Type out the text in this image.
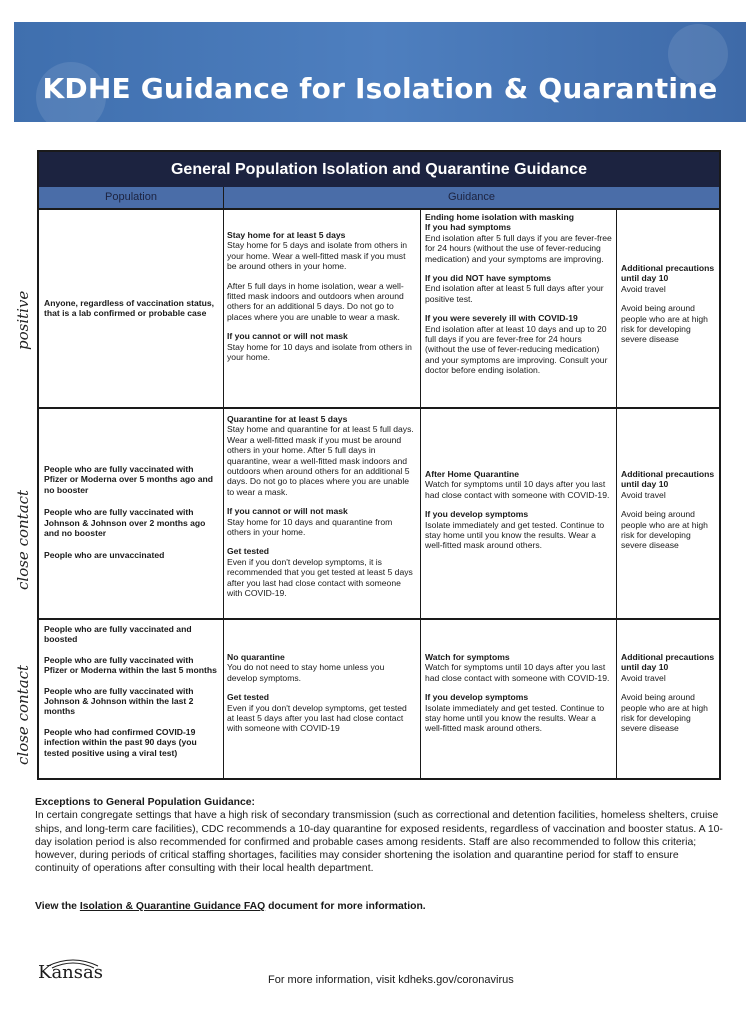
KDHE Guidance for Isolation & Quarantine
General Population Isolation and Quarantine Guidance
Population	Guidance
Anyone, regardless of vaccination status, that is a lab confirmed or probable case

Stay home for at least 5 days
Stay home for 5 days and isolate from others in your home. Wear a well-fitted mask if you must be around others in your home.

After 5 full days in home isolation, wear a well-fitted mask indoors and outdoors when around others for an additional 5 days. Do not go to places where you are unable to wear a mask.

If you cannot or will not mask
Stay home for 10 days and isolate from others in your home.

Ending home isolation with masking

If you had symptoms
End isolation after 5 full days if you are fever-free for 24 hours (without the use of fever-reducing medication) and your symptoms are improving.

If you did NOT have symptoms
End isolation after at least 5 full days after your positive test.

If you were severely ill with COVID-19
End isolation after at least 10 days and up to 20 full days if you are fever-free for 24 hours (without the use of fever-reducing medication) and your symptoms are improving. Consult your doctor before ending isolation.

Additional precautions until day 10
Avoid travel

Avoid being around people who are at high risk for developing severe disease

People who are fully vaccinated with Pfizer or Moderna over 5 months ago and no booster
People who are fully vaccinated with Johnson & Johnson over 2 months ago and no booster
People who are unvaccinated

Quarantine for at least 5 days
Stay home and quarantine for at least 5 full days. Wear a well-fitted mask if you must be around others in your home. After 5 full days in quarantine, wear a well-fitted mask indoors and outdoors when around others for an additional 5 days. Do not go to places where you are unable to wear a mask.

If you cannot or will not mask
Stay home for 10 days and quarantine from others in your home.

Get tested
Even if you don't develop symptoms, it is recommended that you get tested at least 5 days after you last had close contact with someone with COVID-19.

After Home Quarantine
Watch for symptoms until 10 days after you last had close contact with someone with COVID-19.

If you develop symptoms
Isolate immediately and get tested. Continue to stay home until you know the results. Wear a well-fitted mask around others.

Additional precautions until day 10
Avoid travel

Avoid being around people who are at high risk for developing severe disease

People who are fully vaccinated and boosted
People who are fully vaccinated with Pfizer or Moderna within the last 5 months
People who are fully vaccinated with Johnson & Johnson within the last 2 months
People who had confirmed COVID-19 infection within the past 90 days (you tested positive using a viral test)

No quarantine
You do not need to stay home unless you develop symptoms.

Get tested
Even if you don't develop symptoms, get tested at least 5 days after you last had close contact with someone with COVID-19

Watch for symptoms
Watch for symptoms until 10 days after you last had close contact with someone with COVID-19.

If you develop symptoms
Isolate immediately and get tested. Continue to stay home until you know the results. Wear a well-fitted mask around others.

Additional precautions until day 10
Avoid travel

Avoid being around people who are at high risk for developing severe disease

positive
close contact
close contact
Exceptions to General Population Guidance:
In certain congregate settings that have a high risk of secondary transmission (such as correctional and detention facilities, homeless shelters, cruise ships, and long-term care facilities), CDC recommends a 10-day quarantine for exposed residents, regardless of vaccination and booster status. A 10-day isolation period is also recommended for confirmed and probable cases among residents. Staff are also recommended to follow this criteria; however, during periods of critical staffing shortages, facilities may consider shortening the isolation and quarantine period for staff to ensure continuity of operations after consulting with their local health department.
View the Isolation & Quarantine Guidance FAQ document for more information.
Kansas	For more information, visit kdheks.gov/coronavirus
